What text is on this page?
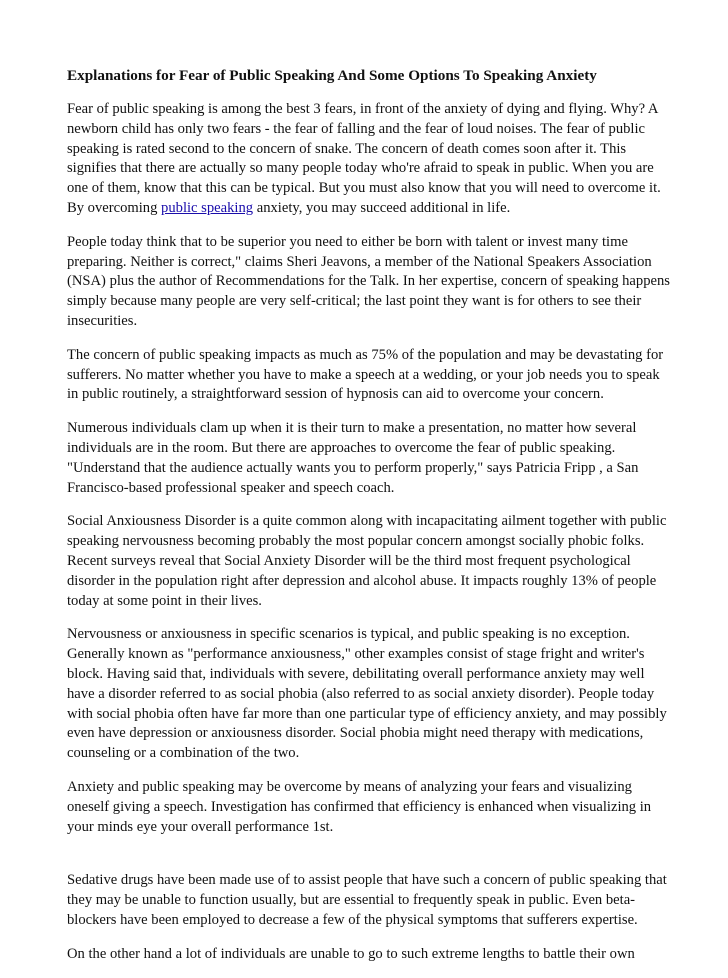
Explanations for Fear of Public Speaking And Some Options To Speaking Anxiety
Fear of public speaking is among the best 3 fears, in front of the anxiety of dying and flying. Why? A
newborn child has only two fears - the fear of falling and the fear of loud noises. The fear of public
speaking is rated second to the concern of snake. The concern of death comes soon after it. This
signifies that there are actually so many people today who're afraid to speak in public. When you are
one of them, know that this can be typical. But you must also know that you will need to overcome it.
By overcoming public speaking anxiety, you may succeed additional in life.
People today think that to be superior you need to either be born with talent or invest many time
preparing. Neither is correct," claims Sheri Jeavons, a member of the National Speakers Association
(NSA) plus the author of Recommendations for the Talk. In her expertise, concern of speaking happens
simply because many people are very self-critical; the last point they want is for others to see their
insecurities.
The concern of public speaking impacts as much as 75% of the population and may be devastating for
sufferers. No matter whether you have to make a speech at a wedding, or your job needs you to speak
in public routinely, a straightforward session of hypnosis can aid to overcome your concern.
Numerous individuals clam up when it is their turn to make a presentation, no matter how several
individuals are in the room. But there are approaches to overcome the fear of public speaking.
"Understand that the audience actually wants you to perform properly," says Patricia Fripp , a San
Francisco-based professional speaker and speech coach.
Social Anxiousness Disorder is a quite common along with incapacitating ailment together with public
speaking nervousness becoming probably the most popular concern amongst socially phobic folks.
Recent surveys reveal that Social Anxiety Disorder will be the third most frequent psychological
disorder in the population right after depression and alcohol abuse. It impacts roughly 13% of people
today at some point in their lives.
Nervousness or anxiousness in specific scenarios is typical, and public speaking is no exception.
Generally known as "performance anxiousness," other examples consist of stage fright and writer's
block. Having said that, individuals with severe, debilitating overall performance anxiety may well
have a disorder referred to as social phobia (also referred to as social anxiety disorder). People today
with social phobia often have far more than one particular type of efficiency anxiety, and may possibly
even have depression or anxiousness disorder. Social phobia might need therapy with medications,
counseling or a combination of the two.
Anxiety and public speaking may be overcome by means of analyzing your fears and visualizing
oneself giving a speech. Investigation has confirmed that efficiency is enhanced when visualizing in
your minds eye your overall performance 1st.
Sedative drugs have been made use of to assist people that have such a concern of public speaking that
they may be unable to function usually, but are essential to frequently speak in public. Even beta-
blockers have been employed to decrease a few of the physical symptoms that sufferers expertise.
On the other hand a lot of individuals are unable to go to such extreme lengths to battle their own
